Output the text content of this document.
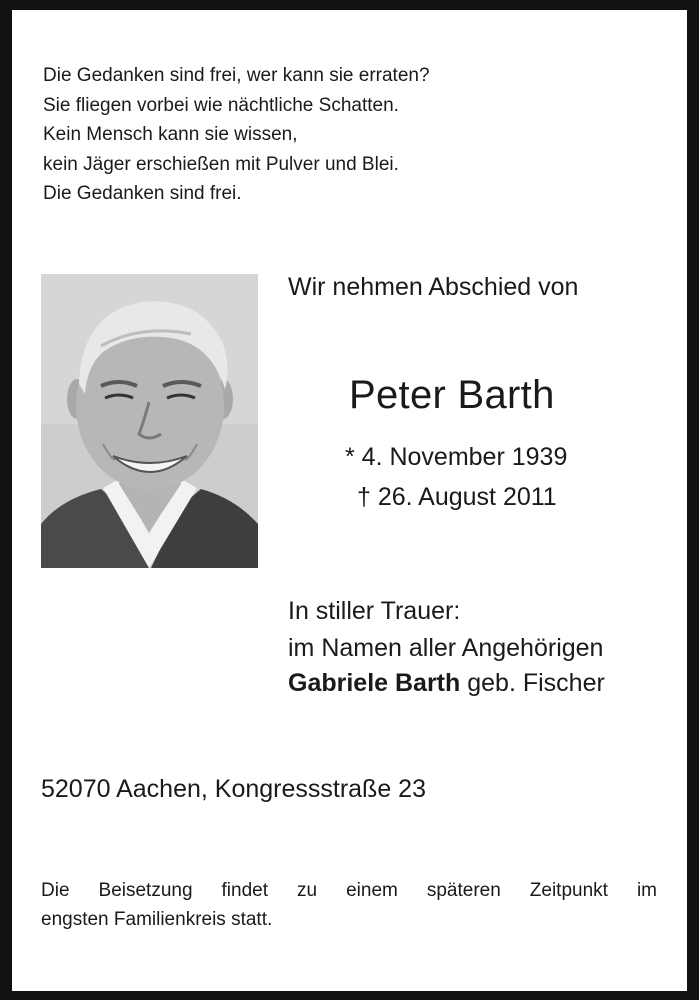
Die Gedanken sind frei, wer kann sie erraten?
Sie fliegen vorbei wie nächtliche Schatten.
Kein Mensch kann sie wissen,
kein Jäger erschießen mit Pulver und Blei.
Die Gedanken sind frei.
Wir nehmen Abschied von
Peter Barth
* 4. November 1939
† 26. August 2011
In stiller Trauer:
im Namen aller Angehörigen
Gabriele Barth geb. Fischer
52070 Aachen, Kongressstraße 23
Die Beisetzung findet zu einem späteren Zeitpunkt im
engsten Familienkreis statt.
